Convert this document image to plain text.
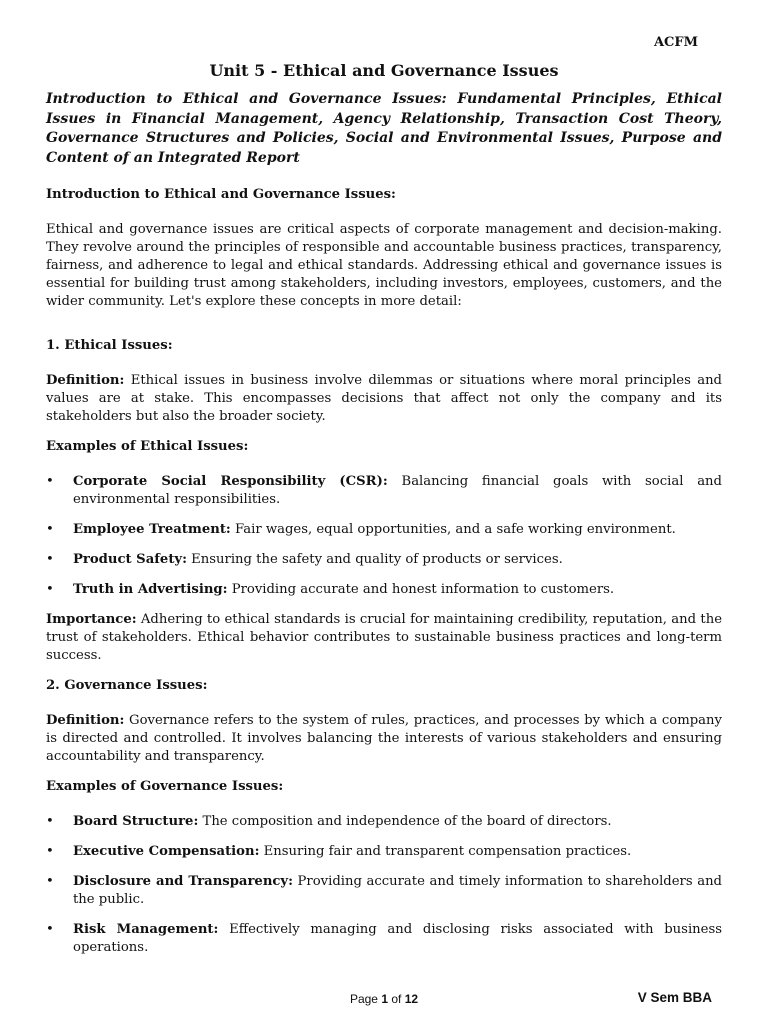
ACFM
Unit 5 - Ethical and Governance Issues

Introduction to Ethical and Governance Issues: Fundamental Principles, Ethical Issues in Financial Management, Agency Relationship, Transaction Cost Theory, Governance Structures and Policies, Social and Environmental Issues, Purpose and Content of an Integrated Report

Introduction to Ethical and Governance Issues:

Ethical and governance issues are critical aspects of corporate management and decision-making. They revolve around the principles of responsible and accountable business practices, transparency, fairness, and adherence to legal and ethical standards. Addressing ethical and governance issues is essential for building trust among stakeholders, including investors, employees, customers, and the wider community. Let's explore these concepts in more detail:

1. Ethical Issues:

Definition: Ethical issues in business involve dilemmas or situations where moral principles and values are at stake. This encompasses decisions that affect not only the company and its stakeholders but also the broader society.

Examples of Ethical Issues:
• Corporate Social Responsibility (CSR): Balancing financial goals with social and environmental responsibilities.
• Employee Treatment: Fair wages, equal opportunities, and a safe working environment.
• Product Safety: Ensuring the safety and quality of products or services.
• Truth in Advertising: Providing accurate and honest information to customers.

Importance: Adhering to ethical standards is crucial for maintaining credibility, reputation, and the trust of stakeholders. Ethical behavior contributes to sustainable business practices and long-term success.

2. Governance Issues:

Definition: Governance refers to the system of rules, practices, and processes by which a company is directed and controlled. It involves balancing the interests of various stakeholders and ensuring accountability and transparency.

Examples of Governance Issues:
• Board Structure: The composition and independence of the board of directors.
• Executive Compensation: Ensuring fair and transparent compensation practices.
• Disclosure and Transparency: Providing accurate and timely information to shareholders and the public.
• Risk Management: Effectively managing and disclosing risks associated with business operations.
Page 1 of 12	V Sem BBA
